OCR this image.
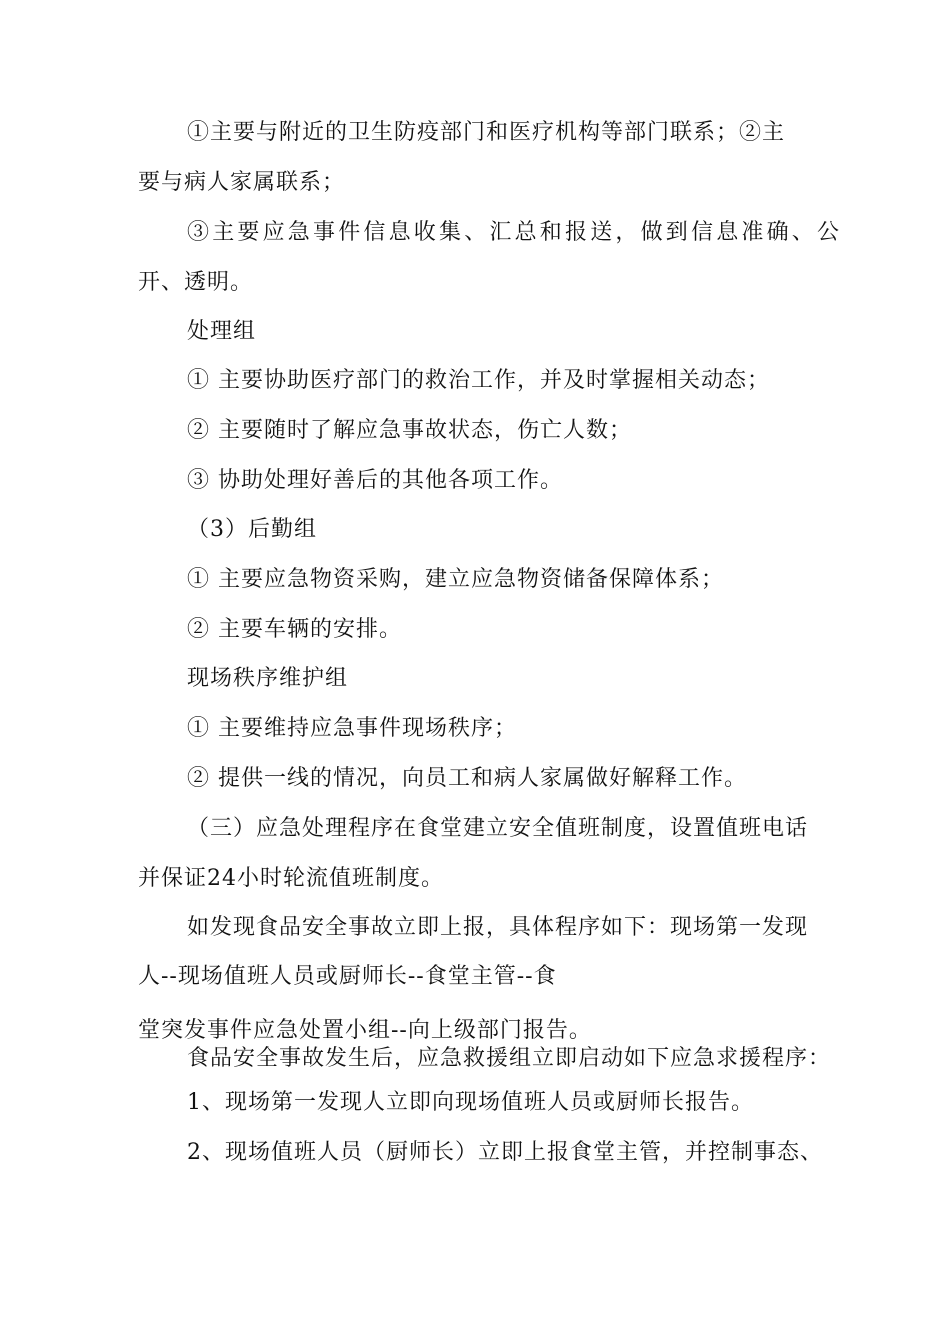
①主要与附近的卫生防疫部门和医疗机构等部门联系；②主
要与病人家属联系；
③主要应急事件信息收集、汇总和报送，做到信息准确、公
开、透明。
处理组
① 主要协助医疗部门的救治工作，并及时掌握相关动态；
② 主要随时了解应急事故状态，伤亡人数；
③ 协助处理好善后的其他各项工作。
（3）后勤组
① 主要应急物资采购，建立应急物资储备保障体系；
② 主要车辆的安排。
现场秩序维护组
① 主要维持应急事件现场秩序；
② 提供一线的情况，向员工和病人家属做好解释工作。
（三）应急处理程序在食堂建立安全值班制度，设置值班电话
并保证24小时轮流值班制度。
如发现食品安全事故立即上报，具体程序如下：现场第一发现
人--现场值班人员或厨师长--食堂主管--食
堂突发事件应急处置小组--向上级部门报告。
食品安全事故发生后，应急救援组立即启动如下应急求援程序：
1、现场第一发现人立即向现场值班人员或厨师长报告。
2、现场值班人员（厨师长）立即上报食堂主管，并控制事态、
